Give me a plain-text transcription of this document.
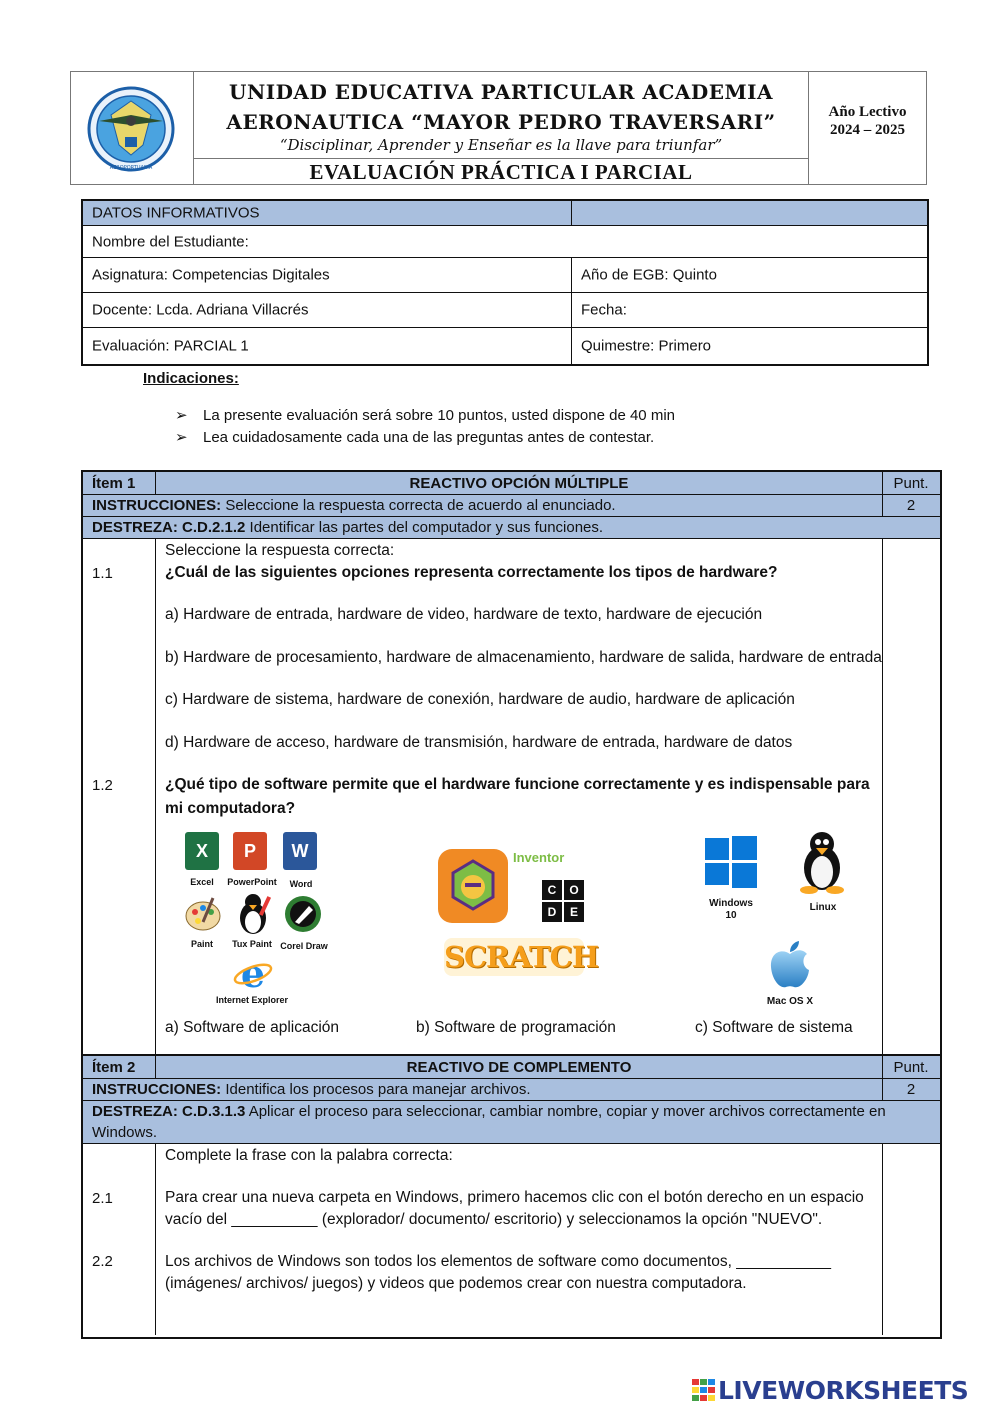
AEROPORTUARIA
UNIDAD EDUCATIVA PARTICULAR ACADEMIA
AERONAUTICA “MAYOR PEDRO TRAVERSARI”
“Disciplinar, Aprender y Enseñar es la llave para triunfar”
EVALUACIÓN PRÁCTICA I PARCIAL
Año Lectivo
2024 – 2025
DATOS INFORMATIVOS
Nombre del Estudiante:
Asignatura: Competencias Digitales	Año de EGB: Quinto
Docente: Lcda. Adriana Villacrés	Fecha:
Evaluación: PARCIAL 1	Quimestre: Primero
Indicaciones:
➢ La presente evaluación será sobre 10 puntos, usted dispone de 40 min
➢ Lea cuidadosamente cada una de las preguntas antes de contestar.
Ítem 1	REACTIVO OPCIÓN MÚLTIPLE	Punt.
INSTRUCCIONES: Seleccione la respuesta correcta de acuerdo al enunciado.	2
DESTREZA: C.D.2.1.2 Identificar las partes del computador y sus funciones.
Seleccione la respuesta correcta:
1.1	¿Cuál de las siguientes opciones representa correctamente los tipos de hardware?
a) Hardware de entrada, hardware de video, hardware de texto, hardware de ejecución
b) Hardware de procesamiento, hardware de almacenamiento, hardware de salida, hardware de entrada
c) Hardware de sistema, hardware de conexión, hardware de audio, hardware de aplicación
d) Hardware de acceso, hardware de transmisión, hardware de entrada, hardware de datos
1.2	¿Qué tipo de software permite que el hardware funcione correctamente y es indispensable para
mi computadora?
X
Excel
P
PowerPoint
W
Word
Paint	Tux Paint Corel Draw
e
Internet Explorer
Inventor
C	O
D	E
SCRATCH
Windows
10
Linux
Mac OS X
a) Software de aplicación	b) Software de programación	c) Software de sistema
Ítem 2	REACTIVO DE COMPLEMENTO	Punt.
INSTRUCCIONES: Identifica los procesos para manejar archivos.	2
DESTREZA: C.D.3.1.3 Aplicar el proceso para seleccionar, cambiar nombre, copiar y mover archivos correctamente en
Windows.
Complete la frase con la palabra correcta:
2.1	Para crear una nueva carpeta en Windows, primero hacemos clic con el botón derecho en un espacio
vacío del __________ (explorador/ documento/ escritorio) y seleccionamos la opción "NUEVO".
2.2	Los archivos de Windows son todos los elementos de software como documentos, ___________
(imágenes/ archivos/ juegos) y videos que podemos crear con nuestra computadora.
LIVEWORKSHEETS
